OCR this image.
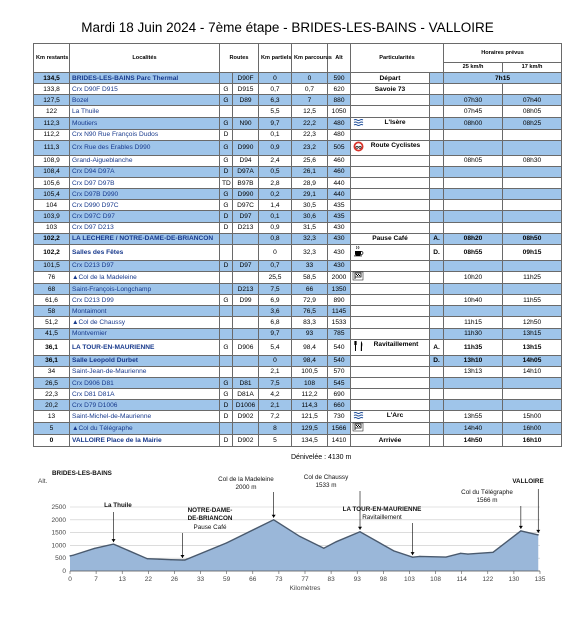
Mardi 18 Juin 2024 - 7ème étape - BRIDES-LES-BAINS - VALLOIRE
Km restants	Localités	Routes		Km partiels	Km parcourus	Alt	Particularités		Horaires prévus	
									25 km/h	17 km/h
134,5	BRIDES-LES-BAINS Parc Thermal		D90F	0	0	590	Départ		7h15	
133,8	Crx D90F D915	G	D915	0,7	0,7	620	Savoie 73			
127,5	Bozel	G	D89	6,3	7	880			07h30	07h40
122	La Thuile			5,5	12,5	1050			07h45	08h05
112,3	Moutiers	G	N90	9,7	22,2	480	L'Isère		08h00	08h25
112,2	Crx N90 Rue François Dudos	D		0,1	22,3	480				
111,3	Crx Rue des Erables D990	G	D990	0,9	23,2	505	Route Cyclistes			
108,9	Grand-Aigueblanche	G	D94	2,4	25,6	460			08h05	08h30
108,4	Crx D94 D97A	D	D97A	0,5	26,1	460				
105,6	Crx D97 D97B	TD	B97B	2,8	28,9	440				
105,4	Crx D97B D990	G	D990	0,2	29,1	440				
104	Crx D990 D97C	G	D97C	1,4	30,5	435				
103,9	Crx D97C D97	D	D97	0,1	30,6	435				
103	Crx D97 D213	D	D213	0,9	31,5	430				
102,2	LA LECHERE / NOTRE-DAME-DE-BRIANCON			0,8	32,3	430	Pause Café	A.	08h20	08h50
102,2	Salles des Fêtes			0	32,3	430		D.	08h55	09h15
101,5	Crx D213 D97	D	D97	0,7	33	430				
76	▲Col de la Madeleine			25,5	58,5	2000			10h20	11h25
68	Saint-François-Longchamp		D213	7,5	66	1350				
61,6	Crx D213 D99	G	D99	6,9	72,9	890			10h40	11h55
58	Montaimont			3,6	76,5	1145				
51,2	▲Col de Chaussy			6,8	83,3	1533			11h15	12h50
41,5	Montvernier			9,7	93	785			11h30	13h15
36,1	LA TOUR-EN-MAURIENNE	G	D906	5,4	98,4	540	Ravitaillement	A.	11h35	13h15
36,1	Salle Leopold Durbet			0	98,4	540		D.	13h10	14h05
34	Saint-Jean-de-Maurienne			2,1	100,5	570			13h13	14h10
26,5	Crx D906 D81	G	D81	7,5	108	545				
22,3	Crx D81 D81A	G	D81A	4,2	112,2	690				
20,2	Crx D79 D1006	D	D1006	2,1	114,3	660				
13	Saint-Michel-de-Maurienne	D	D902	7,2	121,5	730	L'Arc		13h55	15h00
5	▲Col du Télégraphe			8	129,5	1566			14h40	16h00
0	VALLOIRE Place de la Mairie	D	D902	5	134,5	1410	Arrivée		14h50	16h10
Dénivelée : 4130 m
0
500
1000
1500
2000
2500
Alt.
0	7	13	22	26	33	59	66	73	77	83	93	98	103 108 114 122 130 135
Kilomètres
BRIDES-LES-BAINS
La Thuile
NOTRE-DAME-
DE-BRIANCON
Pause Café
Col de la Madeleine
2000 m
Col de Chaussy
1533 m
LA TOUR-EN-MAURIENNE
Ravitaillement
Col du Télégraphe
1566 m
VALLOIRE
